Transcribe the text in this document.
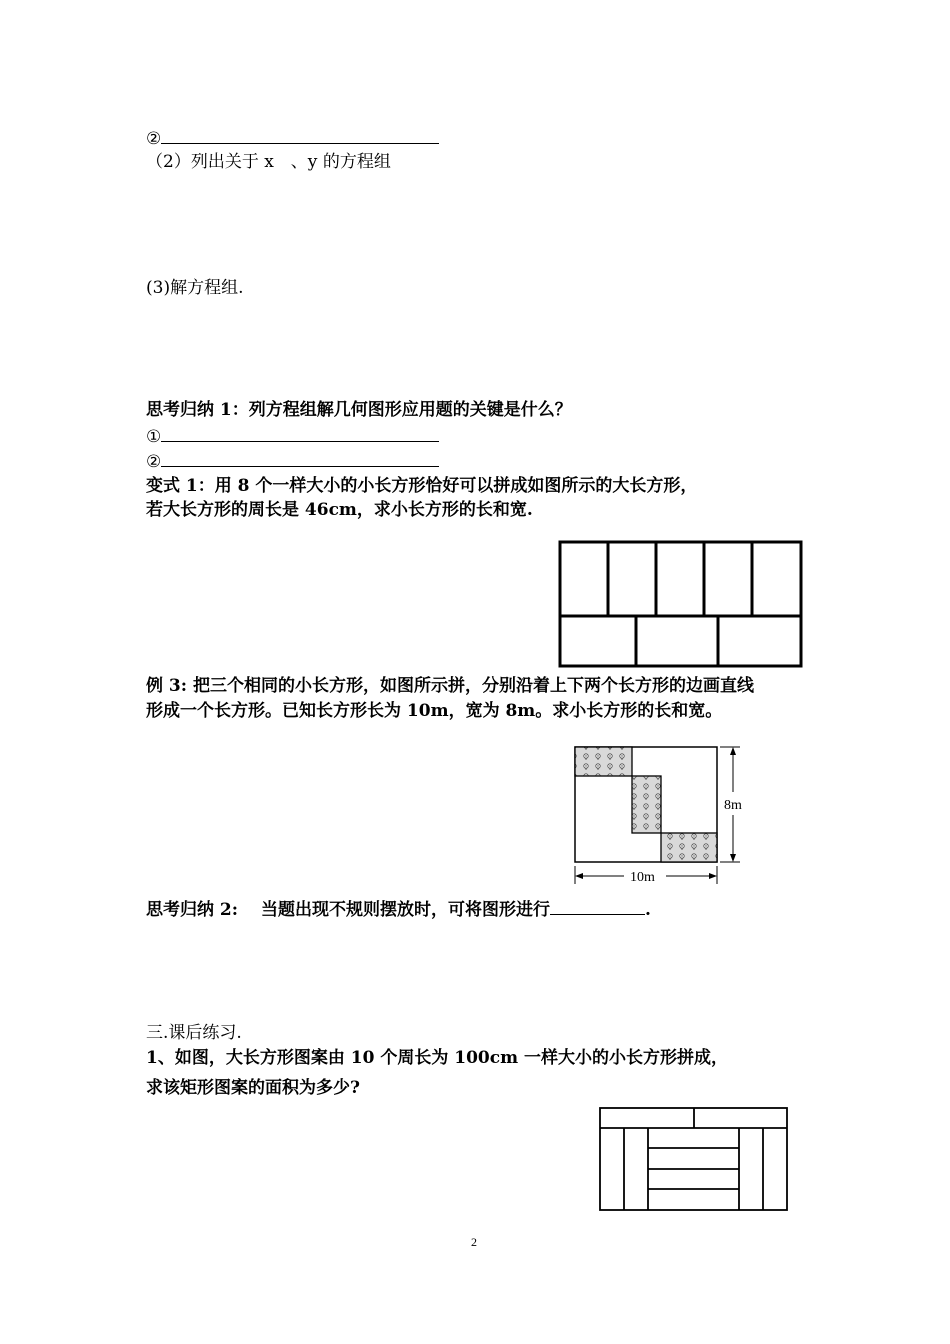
②
（2）列出关于 x　、y 的方程组
(3)解方程组.
思考归纳 1：列方程组解几何图形应用题的关键是什么？
①
②
变式 1：用 8 个一样大小的小长方形恰好可以拼成如图所示的大长方形，
若大长方形的周长是 46cm，求小长方形的长和宽.
例 3: 把三个相同的小长方形，如图所示拼，分别沿着上下两个长方形的边画直线
形成一个长方形。已知长方形长为 10m，宽为 8m。求小长方形的长和宽。
8m
10m
思考归纳 2:　 当题出现不规则摆放时，可将图形进行	.
三.课后练习.
1、如图，大长方形图案由 10 个周长为 100cm 一样大小的小长方形拼成，
求该矩形图案的面积为多少?
2
